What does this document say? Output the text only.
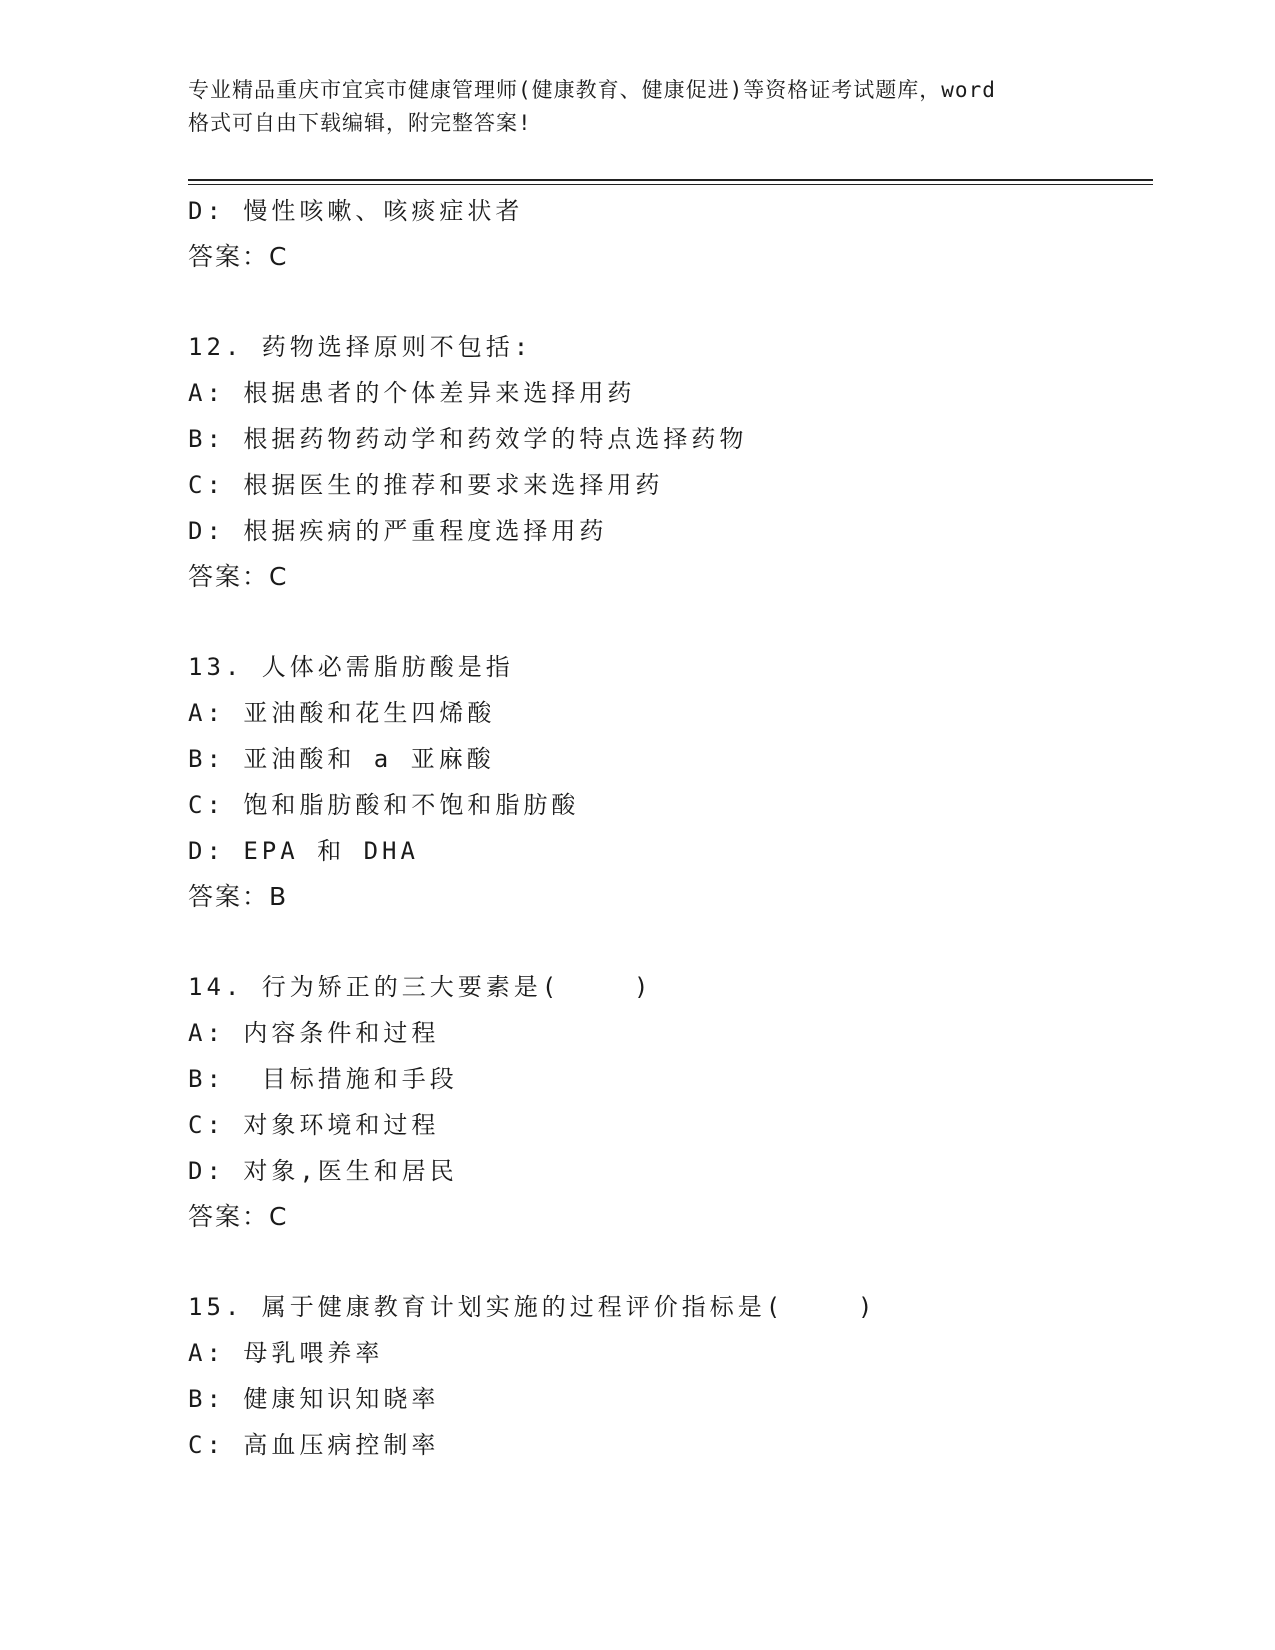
专业精品重庆市宜宾市健康管理师(健康教育、健康促进)等资格证考试题库，word
格式可自由下载编辑，附完整答案!
D: 慢性咳嗽、咳痰症状者
答案：C
12. 药物选择原则不包括:
A: 根据患者的个体差异来选择用药
B: 根据药物药动学和药效学的特点选择药物
C: 根据医生的推荐和要求来选择用药
D: 根据疾病的严重程度选择用药
答案：C
13. 人体必需脂肪酸是指
A: 亚油酸和花生四烯酸
B: 亚油酸和 a 亚麻酸
C: 饱和脂肪酸和不饱和脂肪酸
D: EPA 和 DHA
答案：B
14. 行为矫正的三大要素是(    )
A: 内容条件和过程
B:  目标措施和手段
C: 对象环境和过程
D: 对象,医生和居民
答案：C
15. 属于健康教育计划实施的过程评价指标是(    )
A: 母乳喂养率
B: 健康知识知晓率
C: 高血压病控制率
